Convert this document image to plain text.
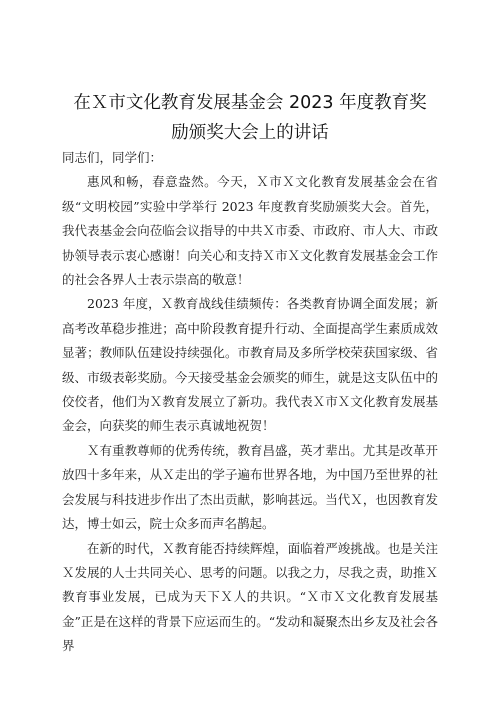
在Ｘ市文化教育发展基金会 2023 年度教育奖
励颁奖大会上的讲话

同志们，同学们：

惠风和畅，春意盎然。今天，Ｘ市Ｘ文化教育发展基金会在省级“文明校园”实验中学举行 2023 年度教育奖励颁奖大会。首先，我代表基金会向莅临会议指导的中共Ｘ市委、市政府、市人大、市政协领导表示衷心感谢！向关心和支持Ｘ市Ｘ文化教育发展基金会工作的社会各界人士表示崇高的敬意！

2023 年度，Ｘ教育战线佳绩频传：各类教育协调全面发展；新高考改革稳步推进；高中阶段教育提升行动、全面提高学生素质成效显著；教师队伍建设持续强化。市教育局及多所学校荣获国家级、省级、市级表彰奖励。今天接受基金会颁奖的师生，就是这支队伍中的佼佼者，他们为Ｘ教育发展立了新功。我代表Ｘ市Ｘ文化教育发展基金会，向获奖的师生表示真诚地祝贺！

Ｘ有重教尊师的优秀传统，教育昌盛，英才辈出。尤其是改革开放四十多年来，从Ｘ走出的学子遍布世界各地，为中国乃至世界的社会发展与科技进步作出了杰出贡献，影响甚远。当代Ｘ，也因教育发达，博士如云，院士众多而声名鹊起。

在新的时代，Ｘ教育能否持续辉煌，面临着严竣挑战。也是关注Ｘ发展的人士共同关心、思考的问题。以我之力，尽我之责，助推Ｘ教育事业发展，已成为天下Ｘ人的共识。“Ｘ市Ｘ文化教育发展基金”正是在这样的背景下应运而生的。“发动和凝聚杰出乡友及社会各界
